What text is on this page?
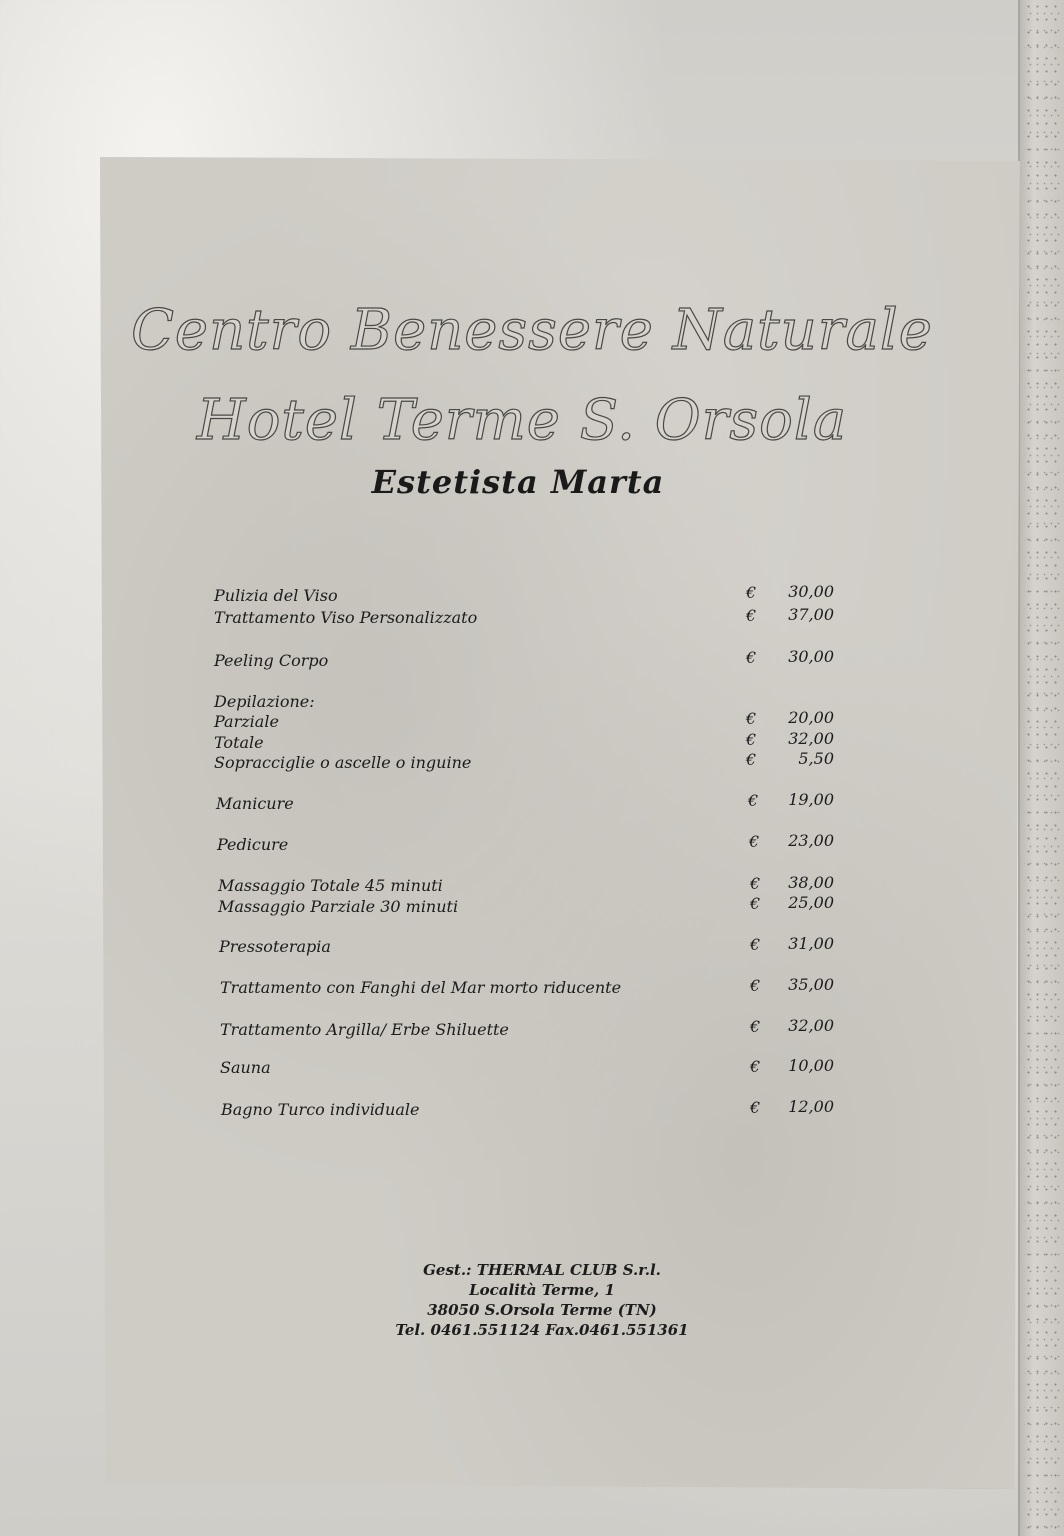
Centro Benessere Naturale
Hotel Terme S. Orsola
Estetista Marta
Pulizia del Viso	€	30,00
Trattamento Viso Personalizzato	€	37,00
Peeling Corpo	€	30,00
Depilazione:
Parziale	€	20,00
Totale	€	32,00
Sopracciglie o ascelle o inguine	€	5,50
Manicure	€	19,00
Pedicure	€	23,00
Massaggio Totale 45 minuti	€	38,00
Massaggio Parziale 30 minuti	€	25,00
Pressoterapia	€	31,00
Trattamento con Fanghi del Mar morto riducente	€	35,00
Trattamento Argilla/ Erbe Shiluette	€	32,00
Sauna	€	10,00
Bagno Turco individuale	€	12,00
Gest.: THERMAL CLUB S.r.l.
Località Terme, 1
38050 S.Orsola Terme (TN)
Tel. 0461.551124 Fax.0461.551361
